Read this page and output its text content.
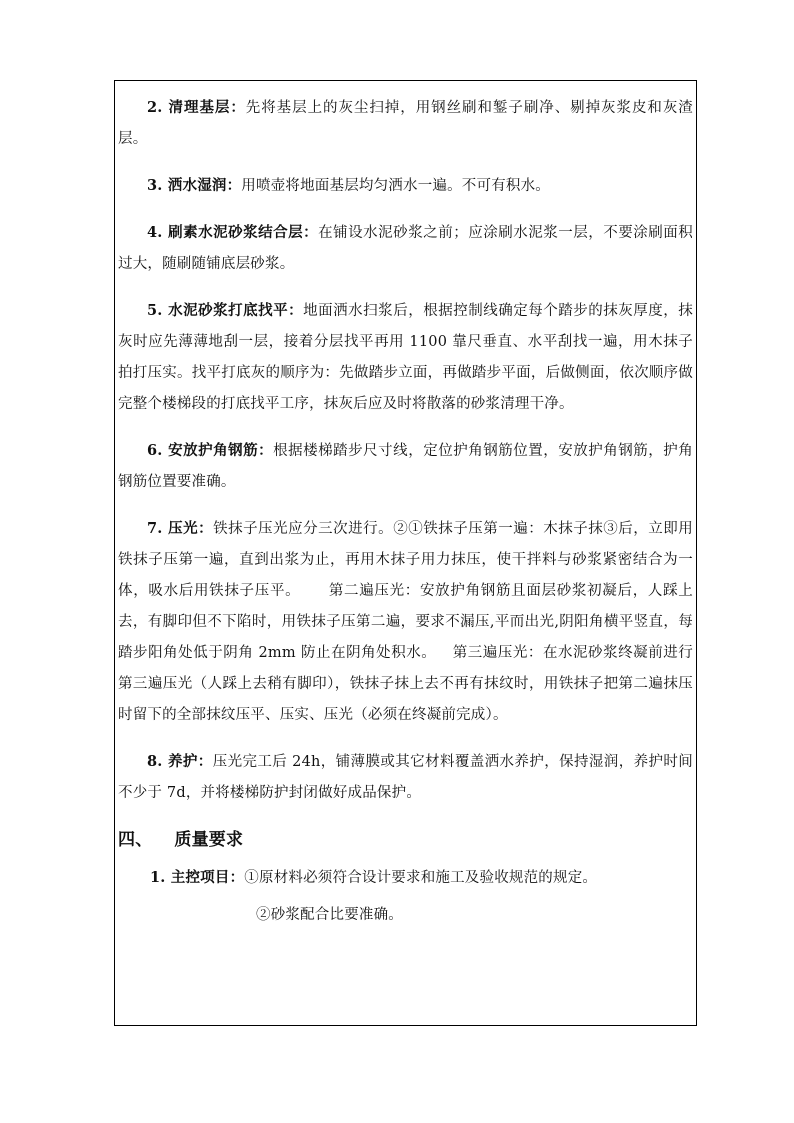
2. 清理基层：先将基层上的灰尘扫掉，用钢丝刷和錾子刷净、剔掉灰浆皮和灰渣层。

3. 洒水湿润：用喷壶将地面基层均匀洒水一遍。不可有积水。

4. 刷素水泥砂浆结合层：在铺设水泥砂浆之前；应涂刷水泥浆一层，不要涂刷面积过大，随刷随铺底层砂浆。

5. 水泥砂浆打底找平：地面洒水扫浆后，根据控制线确定每个踏步的抹灰厚度，抹灰时应先薄薄地刮一层，接着分层找平再用 1100 靠尺垂直、水平刮找一遍，用木抹子拍打压实。找平打底灰的顺序为：先做踏步立面，再做踏步平面，后做侧面，依次顺序做完整个楼梯段的打底找平工序，抹灰后应及时将散落的砂浆清理干净。

6. 安放护角钢筋：根据楼梯踏步尺寸线，定位护角钢筋位置，安放护角钢筋，护角钢筋位置要准确。

7. 压光：铁抹子压光应分三次进行。②①铁抹子压第一遍：木抹子抹③后，立即用铁抹子压第一遍，直到出浆为止，再用木抹子用力抹压，使干拌料与砂浆紧密结合为一体，吸水后用铁抹子压平。 第二遍压光：安放护角钢筋且面层砂浆初凝后，人踩上去，有脚印但不下陷时，用铁抹子压第二遍，要求不漏压,平而出光,阴阳角横平竖直，每踏步阳角处低于阴角 2mm 防止在阴角处积水。 第三遍压光：在水泥砂浆终凝前进行第三遍压光（人踩上去稍有脚印），铁抹子抹上去不再有抹纹时，用铁抹子把第二遍抹压时留下的全部抹纹压平、压实、压光（必须在终凝前完成）。

8. 养护：压光完工后 24h，铺薄膜或其它材料覆盖洒水养护，保持湿润，养护时间不少于 7d，并将楼梯防护封闭做好成品保护。

四、 质量要求
1. 主控项目：①原材料必须符合设计要求和施工及验收规范的规定。
②砂浆配合比要准确。
